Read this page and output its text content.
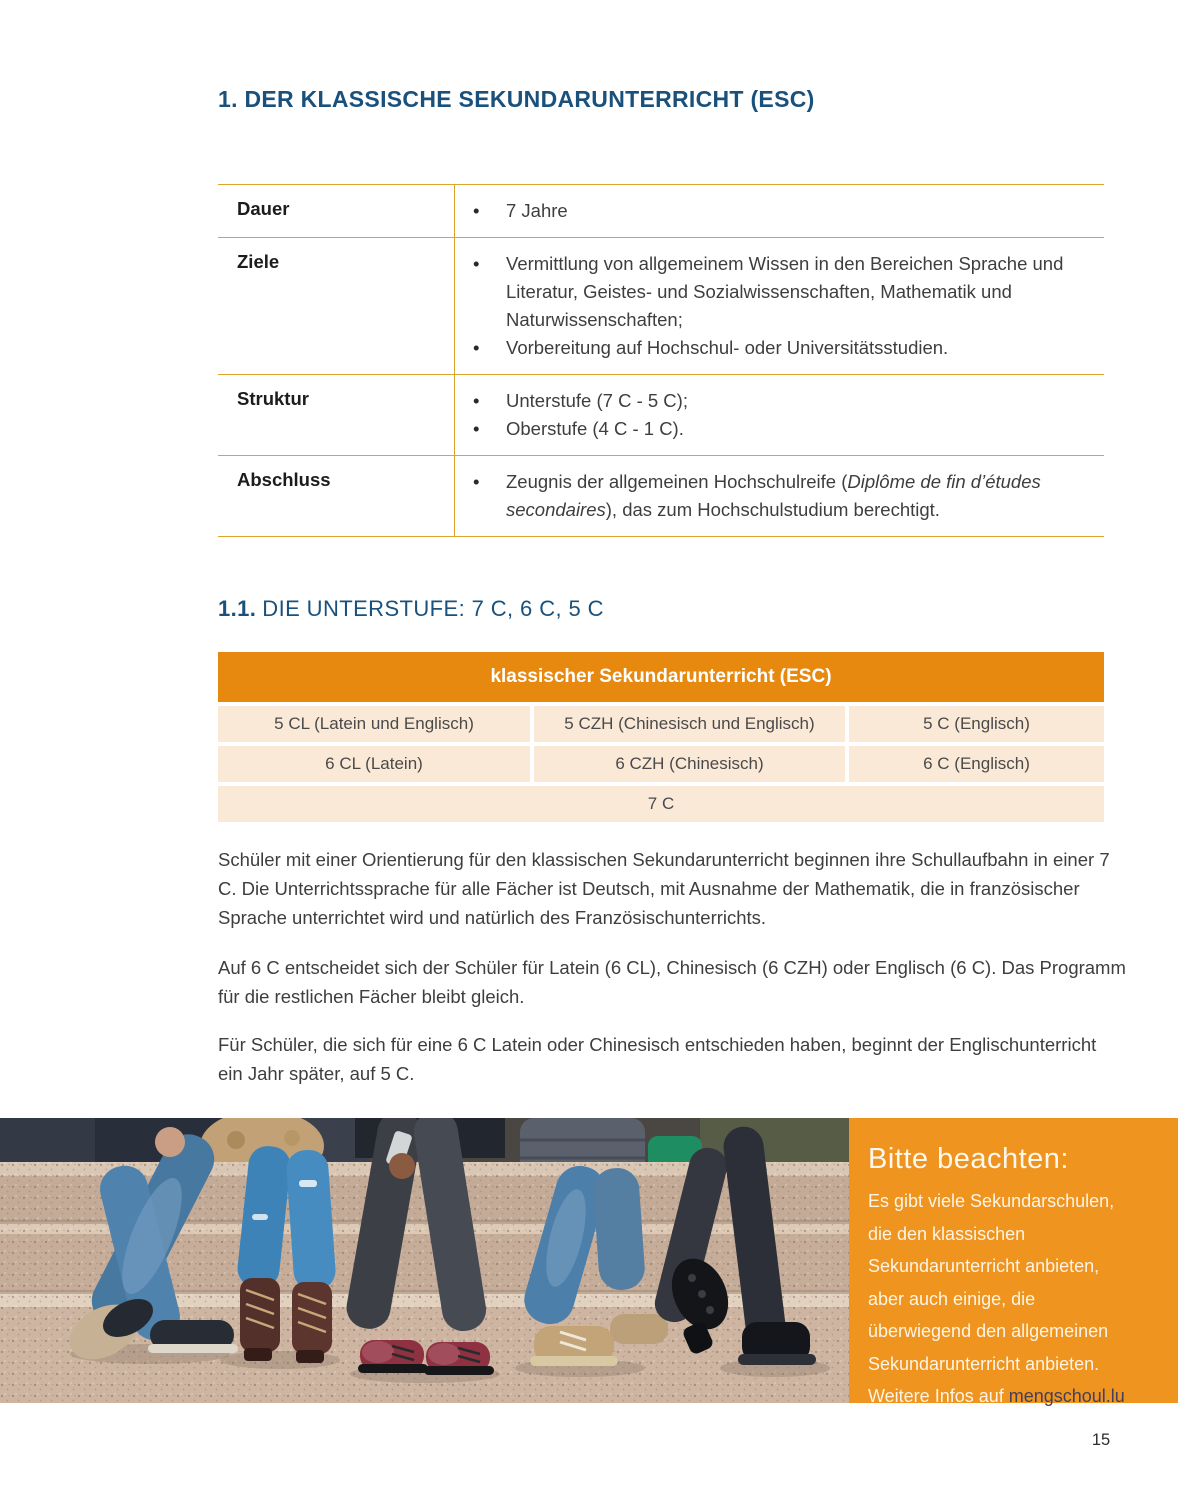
1. DER KLASSISCHE SEKUNDARUNTERRICHT (ESC)
Dauer	• 7 Jahre
Ziele	• Vermittlung von allgemeinem Wissen in den Bereichen Sprache und Literatur, Geistes- und Sozialwissenschaften, Mathematik und Naturwissenschaften;
• Vorbereitung auf Hochschul- oder Universitätsstudien.
Struktur	• Unterstufe (7 C - 5 C);
• Oberstufe (4 C - 1 C).
Abschluss	• Zeugnis der allgemeinen Hochschulreife (Diplôme de fin d’études secondaires), das zum Hochschulstudium berechtigt.
1.1. DIE UNTERSTUFE: 7 C, 6 C, 5 C
klassischer Sekundarunterricht (ESC)
5 CL (Latein und Englisch)	5 CZH (Chinesisch und Englisch)	5 C (Englisch)
6 CL (Latein)	6 CZH (Chinesisch)	6 C (Englisch)
7 C

Schüler mit einer Orientierung für den klassischen Sekundarunterricht beginnen ihre Schullaufbahn in einer 7 C. Die Unterrichtssprache für alle Fächer ist Deutsch, mit Ausnahme der Mathematik, die in französischer Sprache unterrichtet wird und natürlich des Französischunterrichts.

Auf 6 C entscheidet sich der Schüler für Latein (6 CL), Chinesisch (6 CZH) oder Englisch (6 C). Das Programm für die restlichen Fächer bleibt gleich.

Für Schüler, die sich für eine 6 C Latein oder Chinesisch entschieden haben, beginnt der Englischunterricht ein Jahr später, auf 5 C.

Bitte beachten:
Es gibt viele Sekundarschulen, die den klassischen Sekundarunterricht anbieten, aber auch einige, die überwiegend den allgemeinen Sekundarunterricht anbieten. Weitere Infos auf mengschoul.lu
15
